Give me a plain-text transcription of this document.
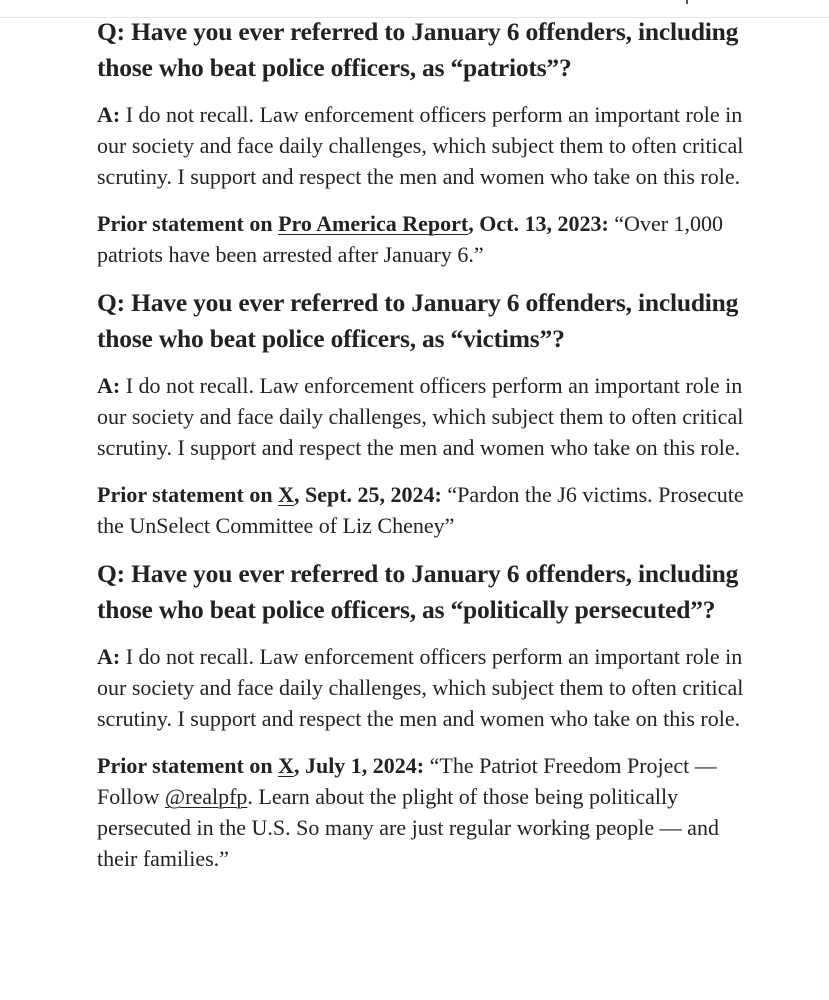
Q: Have you ever referred to January 6 offenders, including those who beat police officers, as “patriots”?

A: I do not recall. Law enforcement officers perform an important role in our society and face daily challenges, which subject them to often critical scrutiny. I support and respect the men and women who take on this role.

Prior statement on Pro America Report, Oct. 13, 2023: “Over 1,000 patriots have been arrested after January 6.”

Q: Have you ever referred to January 6 offenders, including those who beat police officers, as “victims”?

A: I do not recall. Law enforcement officers perform an important role in our society and face daily challenges, which subject them to often critical scrutiny. I support and respect the men and women who take on this role.

Prior statement on X, Sept. 25, 2024: “Pardon the J6 victims. Prosecute the UnSelect Committee of Liz Cheney”

Q: Have you ever referred to January 6 offenders, including those who beat police officers, as “politically persecuted”?

A: I do not recall. Law enforcement officers perform an important role in our society and face daily challenges, which subject them to often critical scrutiny. I support and respect the men and women who take on this role.

Prior statement on X, July 1, 2024: “The Patriot Freedom Project — Follow @realpfp. Learn about the plight of those being politically persecuted in the U.S. So many are just regular working people — and their families.”
